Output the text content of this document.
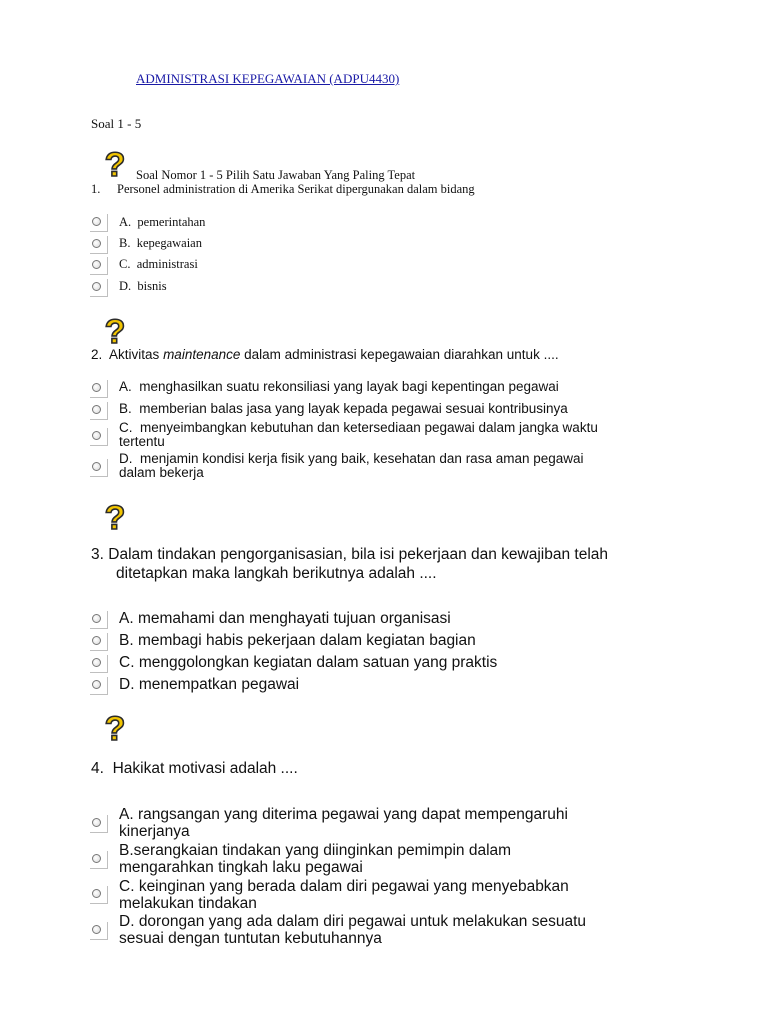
ADMINISTRASI KEPEGAWAIAN (ADPU4430)
Soal 1 - 5
? Soal Nomor 1 - 5 Pilih Satu Jawaban Yang Paling Tepat
1. Personel administration di Amerika Serikat dipergunakan dalam bidang
A. pemerintahan
B. kepegawaian
C. administrasi
D. bisnis
?
2. Aktivitas maintenance dalam administrasi kepegawaian diarahkan untuk ....
A. menghasilkan suatu rekonsiliasi yang layak bagi kepentingan pegawai
B. memberian balas jasa yang layak kepada pegawai sesuai kontribusinya
C. menyeimbangkan kebutuhan dan ketersediaan pegawai dalam jangka waktu
tertentu
D. menjamin kondisi kerja fisik yang baik, kesehatan dan rasa aman pegawai
dalam bekerja
?
3. Dalam tindakan pengorganisasian, bila isi pekerjaan dan kewajiban telah
ditetapkan maka langkah berikutnya adalah ....
A. memahami dan menghayati tujuan organisasi
B. membagi habis pekerjaan dalam kegiatan bagian
C. menggolongkan kegiatan dalam satuan yang praktis
D. menempatkan pegawai
?
4. Hakikat motivasi adalah ....
A. rangsangan yang diterima pegawai yang dapat mempengaruhi
kinerjanya
B.serangkaian tindakan yang diinginkan pemimpin dalam
mengarahkan tingkah laku pegawai
C. keinginan yang berada dalam diri pegawai yang menyebabkan
melakukan tindakan
D. dorongan yang ada dalam diri pegawai untuk melakukan sesuatu
sesuai dengan tuntutan kebutuhannya
